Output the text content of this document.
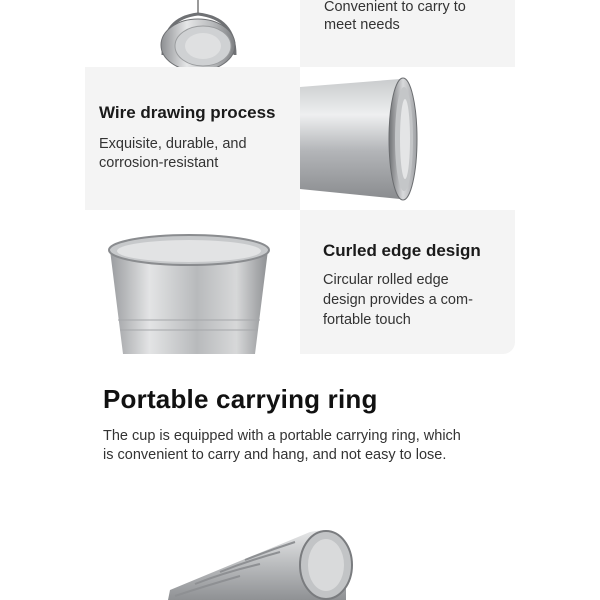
Convenient to carry to

meet needs

Wire drawing process

Exquisite, durable, and

corrosion-resistant

Curled edge design

Circular rolled edge

design provides a com-

fortable touch

Portable carrying ring

The cup is equipped with a portable carrying ring, which

is convenient to carry and hang, and not easy to lose.
